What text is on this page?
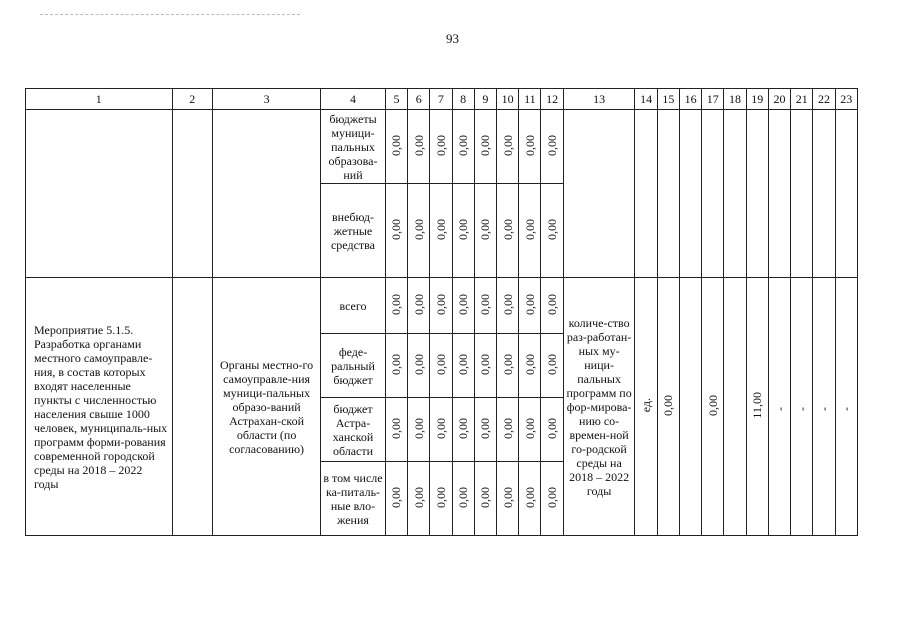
93
1	2	3	4	5	6	7	8	9	10	11	12	13	14	15	16	17	18	19	20	21	22	23
			бюджеты муници-пальных образова-ний	0,00	0,00	0,00	0,00	0,00	0,00	0,00	0,00											
			внебюд-жетные средства	0,00	0,00	0,00	0,00	0,00	0,00	0,00	0,00											
Мероприятие 5.1.5. Разработка органами местного самоуправле-ния, в состав которых входят населенные пункты с численностью населения свыше 1000 человек, муниципаль-ных программ форми-рования современной городской среды на 2018 – 2022 годы		Органы местно-го самоуправле-ния муници-пальных образо-ваний Астрахан-ской области (по согласованию)	всего	0,00	0,00	0,00	0,00	0,00	0,00	0,00	0,00	количе-ство раз-работан-ных му-ници-пальных программ по фор-мирова-нию со-времен-ной го-родской среды на 2018 – 2022 годы	ед.	0,00		0,00		11,00	-	-	-	-
			феде-ральный бюджет	0,00	0,00	0,00	0,00	0,00	0,00	0,00	0,00											
			бюджет Астра-ханской области	0,00	0,00	0,00	0,00	0,00	0,00	0,00	0,00											
			в том числе ка-питаль-ные вло-жения	0,00	0,00	0,00	0,00	0,00	0,00	0,00	0,00											
